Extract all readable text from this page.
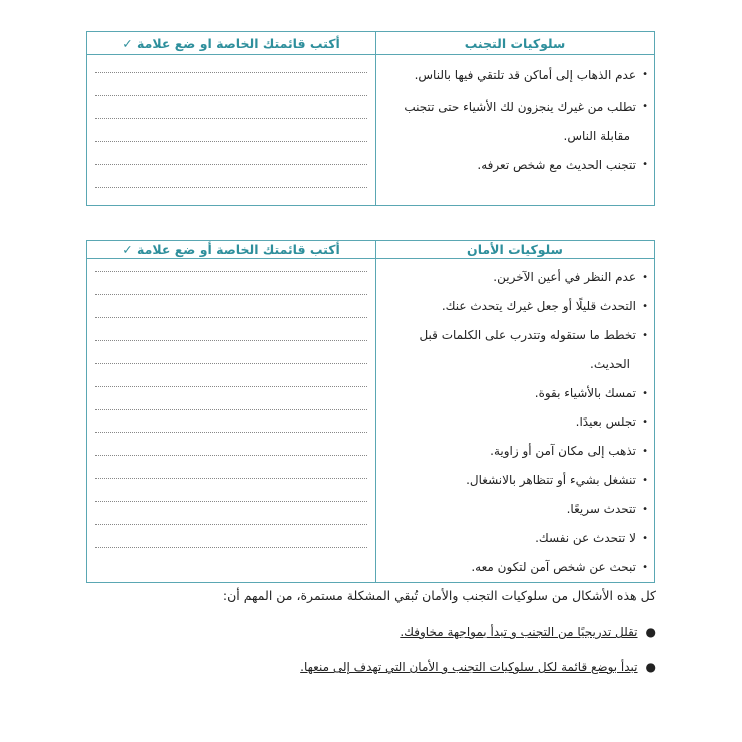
سلوكيات التجنب
أكتب قائمتك الخاصة او ضع علامة ✓
•
عدم الذهاب إلى أماكن قد تلتقي فيها بالناس.
•
تطلب من غيرك ينجزون لك الأشياء حتى تتجنب
مقابلة الناس.
•
تتجنب الحديث مع شخص تعرفه.
سلوكيات الأمان
أكتب قائمتك الخاصة أو ضع علامة ✓
•
عدم النظر في أعين الآخرين.
•
التحدث قليلًا أو جعل غيرك يتحدث عنك.
•
تخطط ما ستقوله وتتدرب على الكلمات قبل
الحديث.
•
تمسك بالأشياء بقوة.
•
تجلس بعيدًا.
•
تذهب إلى مكان آمن أو زاوية.
•
تنشغل بشيء أو تتظاهر بالانشغال.
•
تتحدث سريعًا.
•
لا تتحدث عن نفسك.
•
تبحث عن شخص آمن لتكون معه.
كل هذه الأشكال من سلوكيات التجنب والأمان تُبقي المشكلة مستمرة، من المهم أن:
●
تقلل تدريجيًا من التجنب و تبدأ بمواجهة مخاوفك.
●
تبدأ بوضع قائمة لكل سلوكيات التجنب و الأمان التي تهدف إلى منعها.
